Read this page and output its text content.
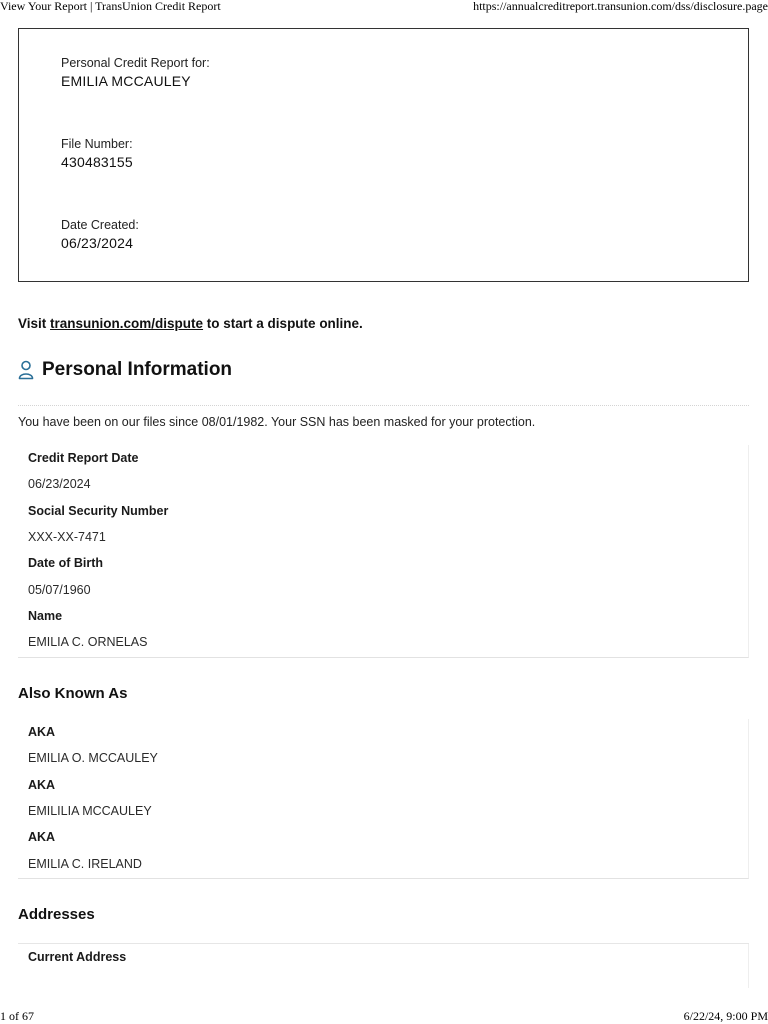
View Your Report | TransUnion Credit Report	https://annualcreditreport.transunion.com/dss/disclosure.page
Personal Credit Report for:
EMILIA MCCAULEY
File Number:
430483155
Date Created:
06/23/2024
Visit transunion.com/dispute to start a dispute online.
Personal Information
You have been on our files since 08/01/1982. Your SSN has been masked for your protection.
Credit Report Date
06/23/2024
Social Security Number
XXX-XX-7471
Date of Birth
05/07/1960
Name
EMILIA C. ORNELAS
Also Known As
AKA
EMILIA O. MCCAULEY
AKA
EMILILIA MCCAULEY
AKA
EMILIA C. IRELAND
Addresses
Current Address
1 of 67	6/22/24, 9:00 PM
